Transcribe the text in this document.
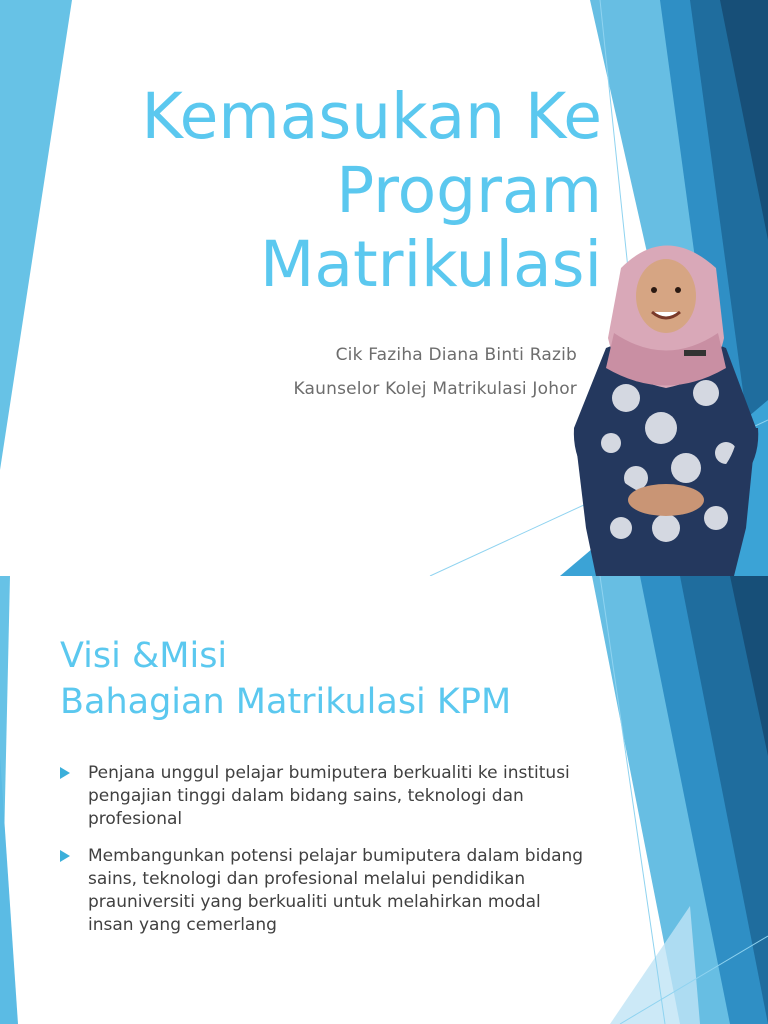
Kemasukan Ke
Program
Matrikulasi
Cik Faziha Diana Binti Razib
Kaunselor Kolej Matrikulasi Johor
Visi &Misi
Bahagian Matrikulasi KPM
Penjana unggul pelajar bumiputera berkualiti ke institusi pengajian tinggi dalam bidang sains, teknologi dan profesional
Membangunkan potensi pelajar bumiputera dalam bidang sains, teknologi dan profesional melalui pendidikan prauniversiti yang berkualiti untuk melahirkan modal insan yang cemerlang
